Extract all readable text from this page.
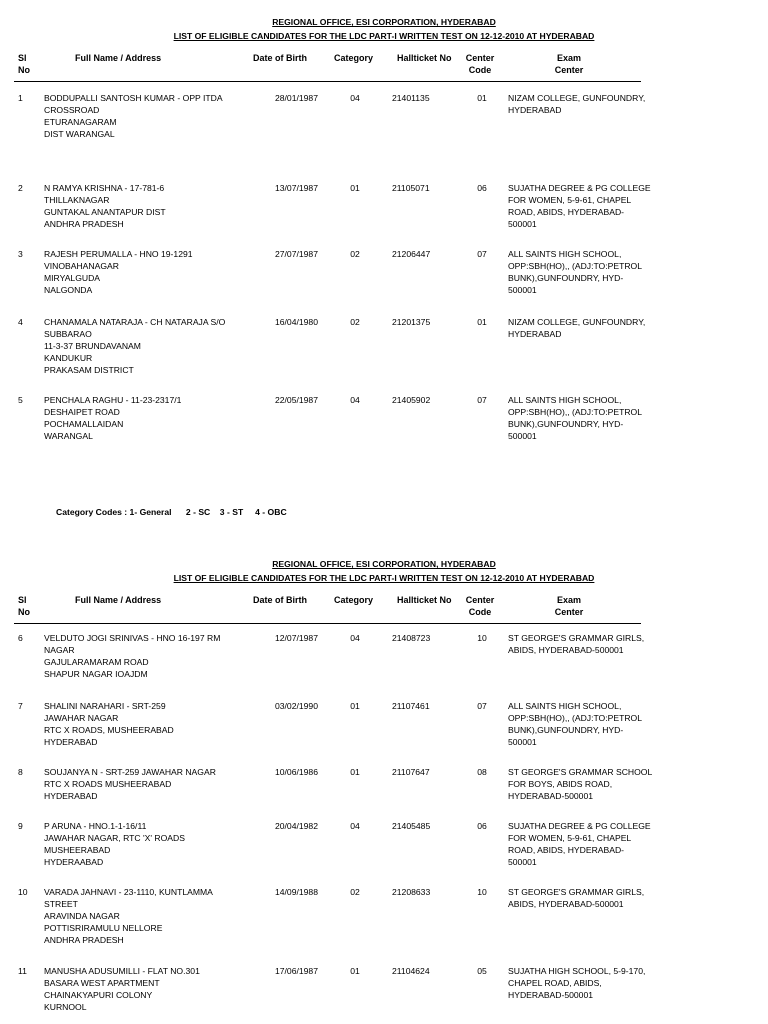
REGIONAL OFFICE, ESI CORPORATION, HYDERABAD
LIST OF ELIGIBLE CANDIDATES FOR THE LDC PART-I WRITTEN TEST ON 12-12-2010 AT HYDERABAD
Sl
No
Full Name / Address	Date of Birth	Category	Hallticket No	Center
Code
Exam
Center
1	BODDUPALLI SANTOSH KUMAR - OPP ITDA
CROSSROAD
ETURANAGARAM
DIST WARANGAL
28/01/1987	04	21401135	01	NIZAM COLLEGE, GUNFOUNDRY,
HYDERABAD
2	N RAMYA KRISHNA - 17-781-6
THILLAKNAGAR
GUNTAKAL ANANTAPUR DIST
ANDHRA PRADESH
13/07/1987	01	21105071	06	SUJATHA DEGREE & PG COLLEGE
FOR WOMEN, 5-9-61, CHAPEL
ROAD, ABIDS, HYDERABAD-
500001
3	RAJESH PERUMALLA - HNO 19-1291
VINOBAHANAGAR
MIRYALGUDA
NALGONDA
27/07/1987	02	21206447	07	ALL SAINTS HIGH SCHOOL,
OPP:SBH(HO),, (ADJ:TO:PETROL
BUNK),GUNFOUNDRY, HYD-
500001
4	CHANAMALA NATARAJA - CH NATARAJA S/O
SUBBARAO
11-3-37 BRUNDAVANAM
KANDUKUR
PRAKASAM DISTRICT
16/04/1980	02	21201375	01	NIZAM COLLEGE, GUNFOUNDRY,
HYDERABAD
5	PENCHALA RAGHU - 11-23-2317/1
DESHAIPET ROAD
POCHAMALLAIDAN
WARANGAL
22/05/1987	04	21405902	07	ALL SAINTS HIGH SCHOOL,
OPP:SBH(HO),, (ADJ:TO:PETROL
BUNK),GUNFOUNDRY, HYD-
500001
Category Codes : 1- General      2 - SC    3 - ST     4 - OBC
REGIONAL OFFICE, ESI CORPORATION, HYDERABAD
LIST OF ELIGIBLE CANDIDATES FOR THE LDC PART-I WRITTEN TEST ON 12-12-2010 AT HYDERABAD
Sl
No
Full Name / Address	Date of Birth	Category	Hallticket No	Center
Code
Exam
Center
6	VELDUTO JOGI SRINIVAS - HNO 16-197 RM
NAGAR
GAJULARAMARAM ROAD
SHAPUR NAGAR IOAJDM
12/07/1987	04	21408723	10	ST GEORGE'S GRAMMAR GIRLS,
ABIDS, HYDERABAD-500001
7	SHALINI NARAHARI - SRT-259
JAWAHAR NAGAR
RTC X ROADS, MUSHEERABAD
HYDERABAD
03/02/1990	01	21107461	07	ALL SAINTS HIGH SCHOOL,
OPP:SBH(HO),, (ADJ:TO:PETROL
BUNK),GUNFOUNDRY, HYD-
500001
8	SOUJANYA N - SRT-259 JAWAHAR NAGAR
RTC X ROADS MUSHEERABAD
HYDERABAD
10/06/1986	01	21107647	08	ST GEORGE'S GRAMMAR SCHOOL
FOR BOYS, ABIDS ROAD,
HYDERABAD-500001
9	P ARUNA - HNO.1-1-16/11
JAWAHAR NAGAR, RTC 'X' ROADS
MUSHEERABAD
HYDERAABAD
20/04/1982	04	21405485	06	SUJATHA DEGREE & PG COLLEGE
FOR WOMEN, 5-9-61, CHAPEL
ROAD, ABIDS, HYDERABAD-
500001
10	VARADA JAHNAVI - 23-1110, KUNTLAMMA
STREET
ARAVINDA NAGAR
POTTISRIRAMULU NELLORE
ANDHRA PRADESH
14/09/1988	02	21208633	10	ST GEORGE'S GRAMMAR GIRLS,
ABIDS, HYDERABAD-500001
11	MANUSHA ADUSUMILLI - FLAT NO.301
BASARA WEST APARTMENT
CHAINAKYAPURI COLONY
KURNOOL
17/06/1987	01	21104624	05	SUJATHA HIGH SCHOOL, 5-9-170,
CHAPEL ROAD, ABIDS,
HYDERABAD-500001
